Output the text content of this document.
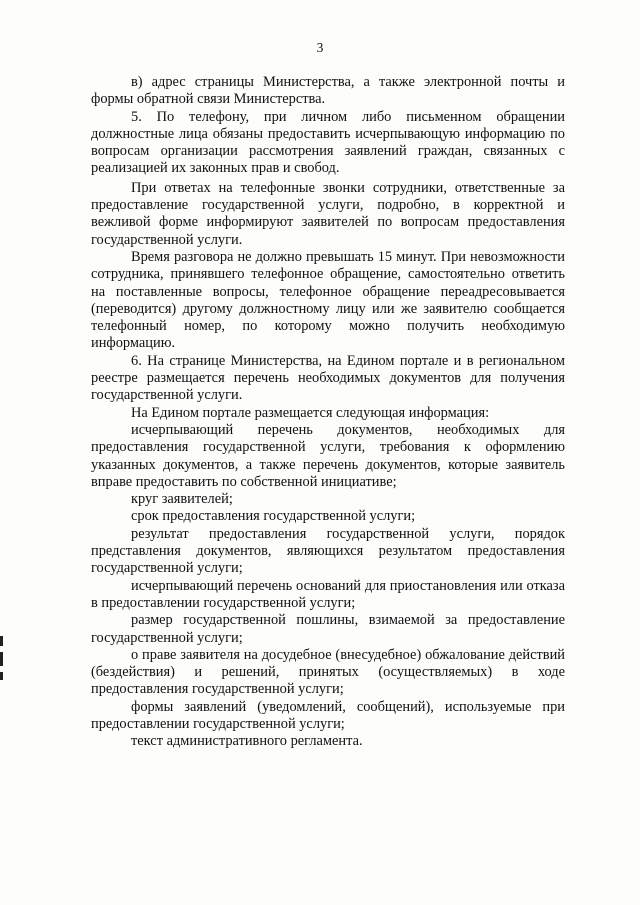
3

в) адрес страницы Министерства, а также электронной почты и формы обратной связи Министерства.

5. По телефону, при личном либо письменном обращении должностные лица обязаны предоставить исчерпывающую информацию по вопросам организации рассмотрения заявлений граждан, связанных с реализацией их законных прав и свобод.

При ответах на телефонные звонки сотрудники, ответственные за предоставление государственной услуги, подробно, в корректной и вежливой форме информируют заявителей по вопросам предоставления государственной услуги.

Время разговора не должно превышать 15 минут. При невозможности сотрудника, принявшего телефонное обращение, самостоятельно ответить на поставленные вопросы, телефонное обращение переадресовывается (переводится) другому должностному лицу или же заявителю сообщается телефонный номер, по которому можно получить необходимую информацию.

6. На странице Министерства, на Едином портале и в региональном реестре размещается перечень необходимых документов для получения государственной услуги.

На Едином портале размещается следующая информация:

исчерпывающий перечень документов, необходимых для предоставления государственной услуги, требования к оформлению указанных документов, а также перечень документов, которые заявитель вправе предоставить по собственной инициативе;

круг заявителей;

срок предоставления государственной услуги;

результат предоставления государственной услуги, порядок представления документов, являющихся результатом предоставления государственной услуги;

исчерпывающий перечень оснований для приостановления или отказа в предоставлении государственной услуги;

размер государственной пошлины, взимаемой за предоставление государственной услуги;

о праве заявителя на досудебное (внесудебное) обжалование действий (бездействия) и решений, принятых (осуществляемых) в ходе предоставления государственной услуги;

формы заявлений (уведомлений, сообщений), используемые при предоставлении государственной услуги;

текст административного регламента.
